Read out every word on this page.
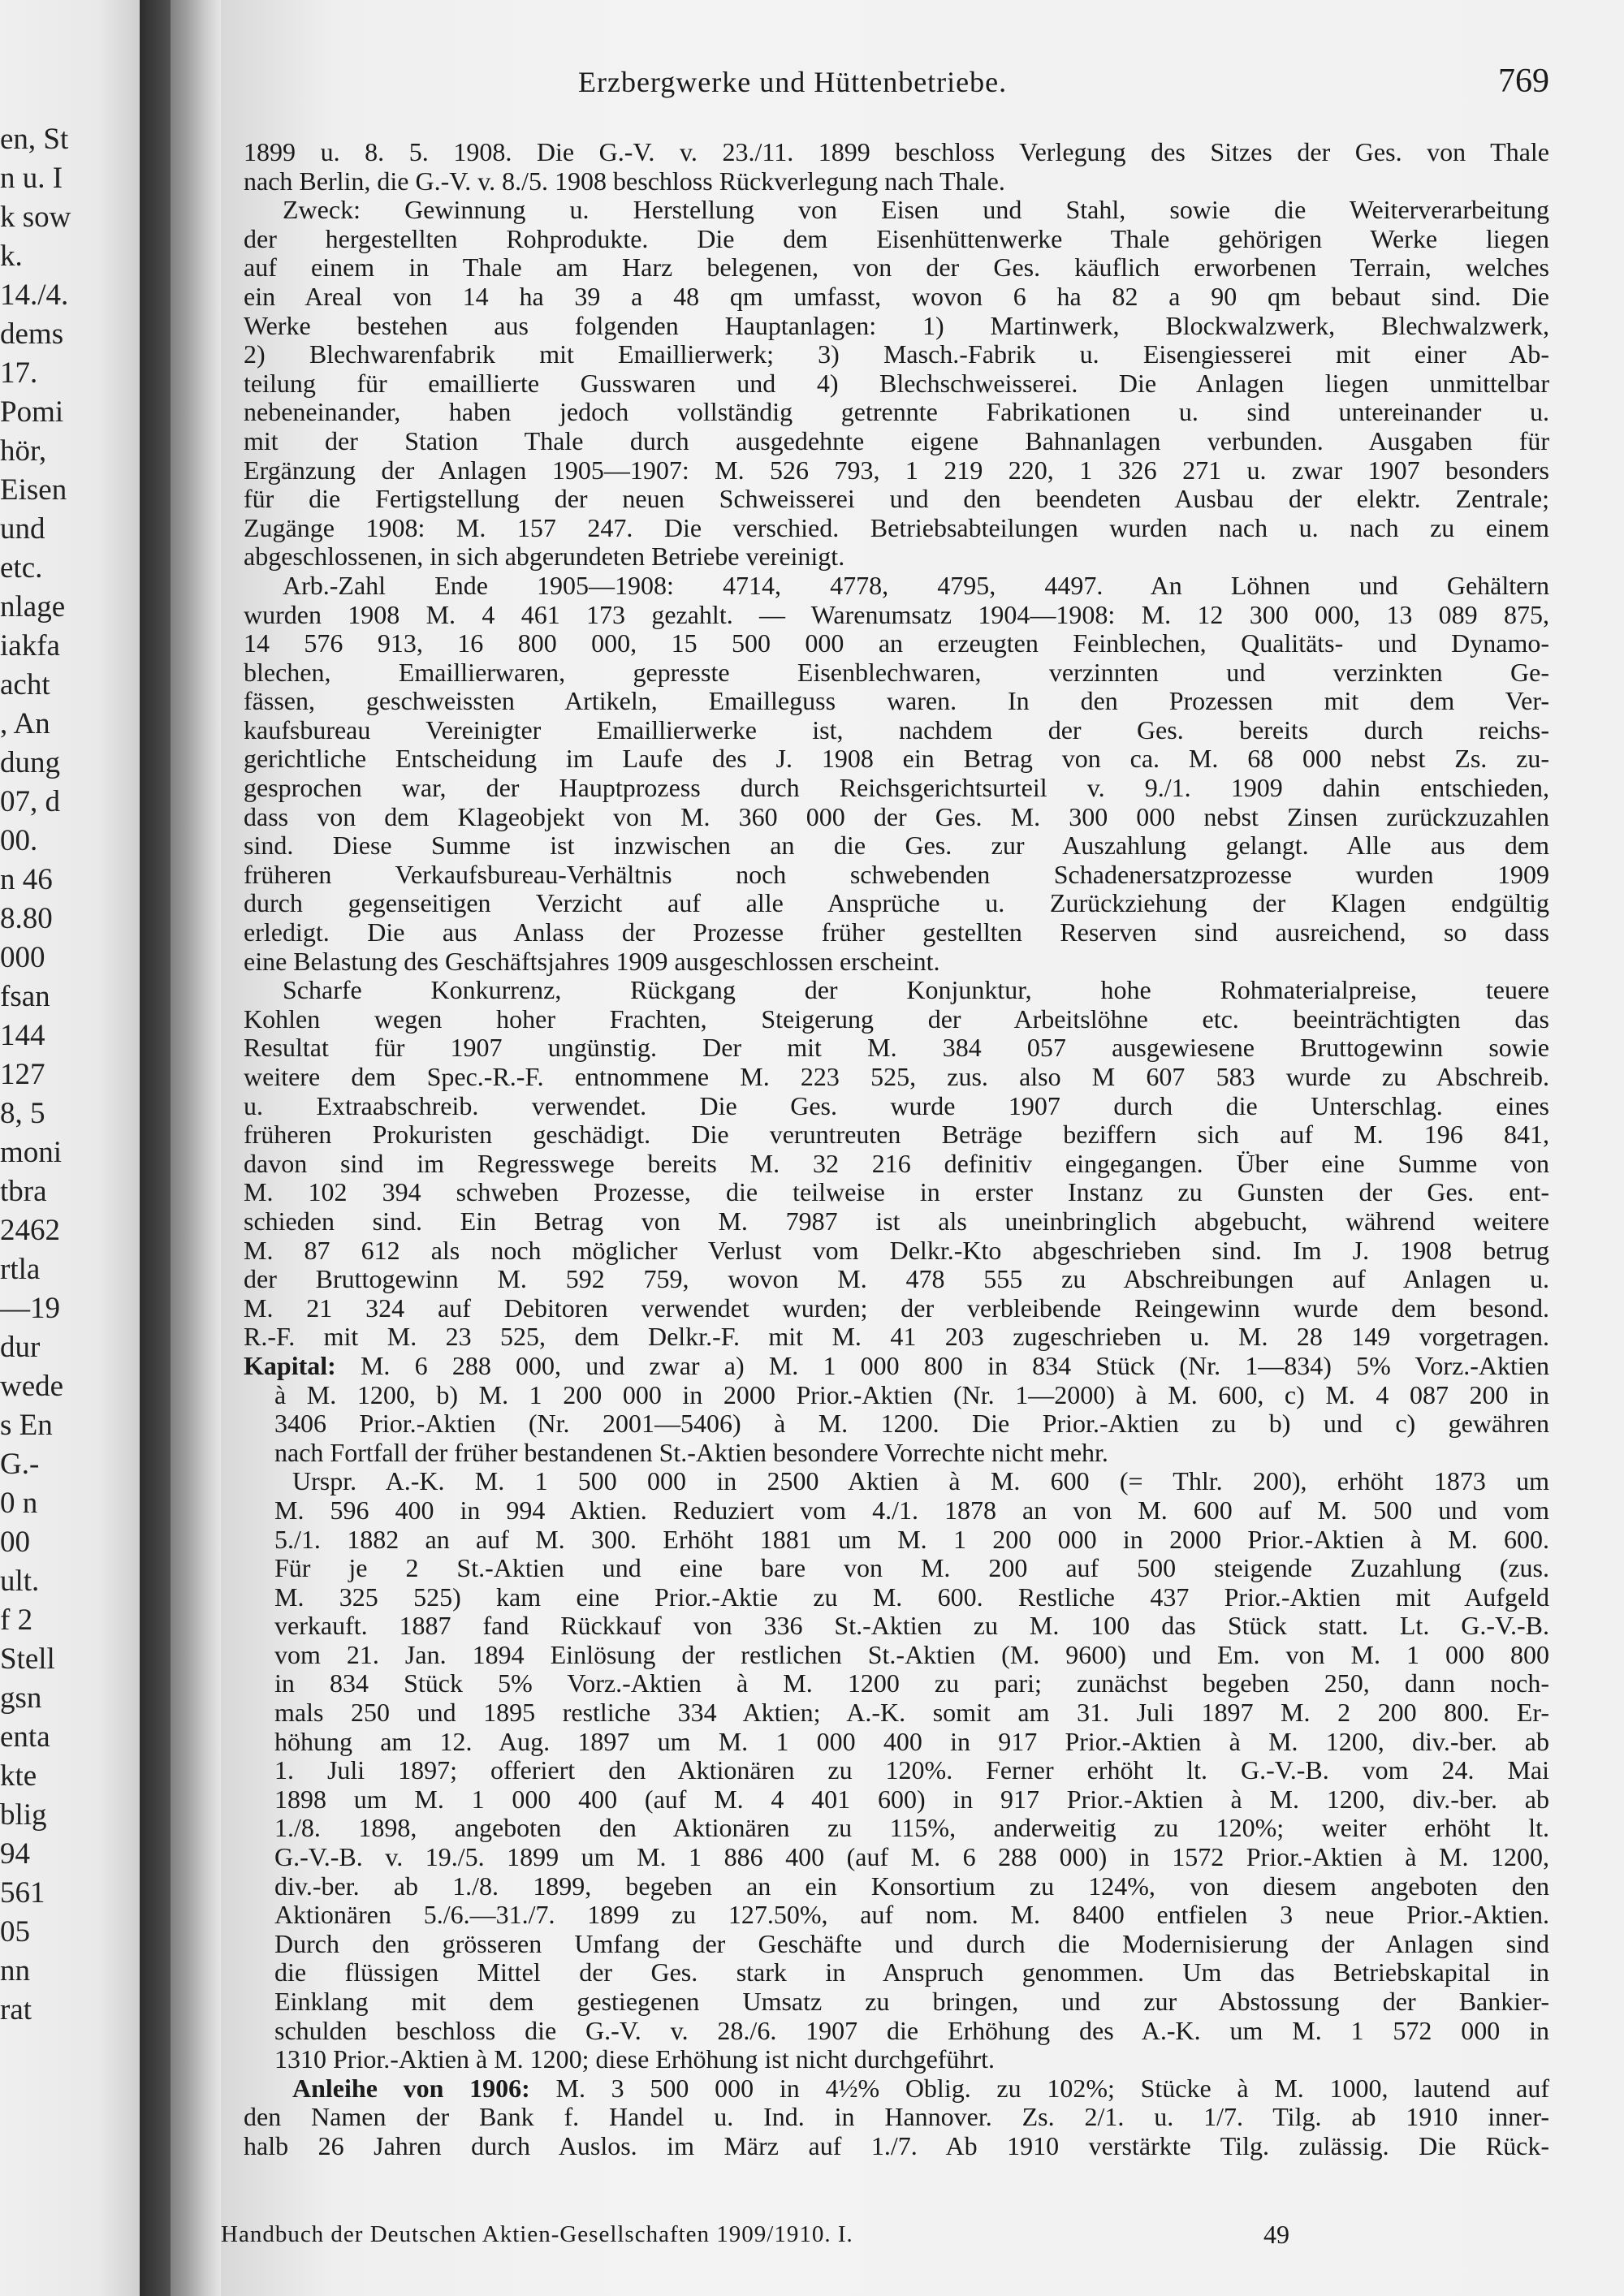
en, St
n u. I
k sow
k.
14./4.
dems
17.
Pomi
hör,
Eisen
und
etc.
nlage
iakfa
acht
, An
dung
07, d
00.
n 46
8.80
000
fsan
144
127
8, 5
moni
tbra
2462
rtla
—19
dur
wede
s En
G.-
0 n
00
ult.
f 2
Stell
gsn
enta
kte
blig
94
561
05
nn
rat
Erzbergwerke und Hüttenbetriebe.	769
1899 u. 8. 5. 1908. Die G.-V. v. 23./11. 1899 beschloss Verlegung des Sitzes der Ges. von Thale
nach Berlin, die G.-V. v. 8./5. 1908 beschloss Rückverlegung nach Thale.
Zweck: Gewinnung u. Herstellung von Eisen und Stahl, sowie die Weiterverarbeitung
der hergestellten Rohprodukte. Die dem Eisenhüttenwerke Thale gehörigen Werke liegen
auf einem in Thale am Harz belegenen, von der Ges. käuflich erworbenen Terrain, welches
ein Areal von 14 ha 39 a 48 qm umfasst, wovon 6 ha 82 a 90 qm bebaut sind. Die
Werke bestehen aus folgenden Hauptanlagen: 1) Martinwerk, Blockwalzwerk, Blechwalzwerk,
2) Blechwarenfabrik mit Emaillierwerk; 3) Masch.-Fabrik u. Eisengiesserei mit einer Ab-
teilung für emaillierte Gusswaren und 4) Blechschweisserei. Die Anlagen liegen unmittelbar
nebeneinander, haben jedoch vollständig getrennte Fabrikationen u. sind untereinander u.
mit der Station Thale durch ausgedehnte eigene Bahnanlagen verbunden. Ausgaben für
Ergänzung der Anlagen 1905—1907: M. 526 793, 1 219 220, 1 326 271 u. zwar 1907 besonders
für die Fertigstellung der neuen Schweisserei und den beendeten Ausbau der elektr. Zentrale;
Zugänge 1908: M. 157 247. Die verschied. Betriebsabteilungen wurden nach u. nach zu einem
abgeschlossenen, in sich abgerundeten Betriebe vereinigt.
Arb.-Zahl Ende 1905—1908: 4714, 4778, 4795, 4497. An Löhnen und Gehältern
wurden 1908 M. 4 461 173 gezahlt. — Warenumsatz 1904—1908: M. 12 300 000, 13 089 875,
14 576 913, 16 800 000, 15 500 000 an erzeugten Feinblechen, Qualitäts- und Dynamo-
blechen, Emaillierwaren, gepresste Eisenblechwaren, verzinnten und verzinkten Ge-
fässen, geschweissten Artikeln, Emailleguss waren. In den Prozessen mit dem Ver-
kaufsbureau Vereinigter Emaillierwerke ist, nachdem der Ges. bereits durch reichs-
gerichtliche Entscheidung im Laufe des J. 1908 ein Betrag von ca. M. 68 000 nebst Zs. zu-
gesprochen war, der Hauptprozess durch Reichsgerichtsurteil v. 9./1. 1909 dahin entschieden,
dass von dem Klageobjekt von M. 360 000 der Ges. M. 300 000 nebst Zinsen zurückzuzahlen
sind. Diese Summe ist inzwischen an die Ges. zur Auszahlung gelangt. Alle aus dem
früheren Verkaufsbureau-Verhältnis noch schwebenden Schadenersatzprozesse wurden 1909
durch gegenseitigen Verzicht auf alle Ansprüche u. Zurückziehung der Klagen endgültig
erledigt. Die aus Anlass der Prozesse früher gestellten Reserven sind ausreichend, so dass
eine Belastung des Geschäftsjahres 1909 ausgeschlossen erscheint.
Scharfe Konkurrenz, Rückgang der Konjunktur, hohe Rohmaterialpreise, teuere
Kohlen wegen hoher Frachten, Steigerung der Arbeitslöhne etc. beeinträchtigten das
Resultat für 1907 ungünstig. Der mit M. 384 057 ausgewiesene Bruttogewinn sowie
weitere dem Spec.-R.-F. entnommene M. 223 525, zus. also M 607 583 wurde zu Abschreib.
u. Extraabschreib. verwendet. Die Ges. wurde 1907 durch die Unterschlag. eines
früheren Prokuristen geschädigt. Die veruntreuten Beträge beziffern sich auf M. 196 841,
davon sind im Regresswege bereits M. 32 216 definitiv eingegangen. Über eine Summe von
M. 102 394 schweben Prozesse, die teilweise in erster Instanz zu Gunsten der Ges. ent-
schieden sind. Ein Betrag von M. 7987 ist als uneinbringlich abgebucht, während weitere
M. 87 612 als noch möglicher Verlust vom Delkr.-Kto abgeschrieben sind. Im J. 1908 betrug
der Bruttogewinn M. 592 759, wovon M. 478 555 zu Abschreibungen auf Anlagen u.
M. 21 324 auf Debitoren verwendet wurden; der verbleibende Reingewinn wurde dem besond.
R.-F. mit M. 23 525, dem Delkr.-F. mit M. 41 203 zugeschrieben u. M. 28 149 vorgetragen.
Kapital: M. 6 288 000, und zwar a) M. 1 000 800 in 834 Stück (Nr. 1—834) 5% Vorz.-Aktien
à M. 1200, b) M. 1 200 000 in 2000 Prior.-Aktien (Nr. 1—2000) à M. 600, c) M. 4 087 200 in
3406 Prior.-Aktien (Nr. 2001—5406) à M. 1200. Die Prior.-Aktien zu b) und c) gewähren
nach Fortfall der früher bestandenen St.-Aktien besondere Vorrechte nicht mehr.
Urspr. A.-K. M. 1 500 000 in 2500 Aktien à M. 600 (= Thlr. 200), erhöht 1873 um
M. 596 400 in 994 Aktien. Reduziert vom 4./1. 1878 an von M. 600 auf M. 500 und vom
5./1. 1882 an auf M. 300. Erhöht 1881 um M. 1 200 000 in 2000 Prior.-Aktien à M. 600.
Für je 2 St.-Aktien und eine bare von M. 200 auf 500 steigende Zuzahlung (zus.
M. 325 525) kam eine Prior.-Aktie zu M. 600. Restliche 437 Prior.-Aktien mit Aufgeld
verkauft. 1887 fand Rückkauf von 336 St.-Aktien zu M. 100 das Stück statt. Lt. G.-V.-B.
vom 21. Jan. 1894 Einlösung der restlichen St.-Aktien (M. 9600) und Em. von M. 1 000 800
in 834 Stück 5% Vorz.-Aktien à M. 1200 zu pari; zunächst begeben 250, dann noch-
mals 250 und 1895 restliche 334 Aktien; A.-K. somit am 31. Juli 1897 M. 2 200 800. Er-
höhung am 12. Aug. 1897 um M. 1 000 400 in 917 Prior.-Aktien à M. 1200, div.-ber. ab
1. Juli 1897; offeriert den Aktionären zu 120%. Ferner erhöht lt. G.-V.-B. vom 24. Mai
1898 um M. 1 000 400 (auf M. 4 401 600) in 917 Prior.-Aktien à M. 1200, div.-ber. ab
1./8. 1898, angeboten den Aktionären zu 115%, anderweitig zu 120%; weiter erhöht lt.
G.-V.-B. v. 19./5. 1899 um M. 1 886 400 (auf M. 6 288 000) in 1572 Prior.-Aktien à M. 1200,
div.-ber. ab 1./8. 1899, begeben an ein Konsortium zu 124%, von diesem angeboten den
Aktionären 5./6.—31./7. 1899 zu 127.50%, auf nom. M. 8400 entfielen 3 neue Prior.-Aktien.
Durch den grösseren Umfang der Geschäfte und durch die Modernisierung der Anlagen sind
die flüssigen Mittel der Ges. stark in Anspruch genommen. Um das Betriebskapital in
Einklang mit dem gestiegenen Umsatz zu bringen, und zur Abstossung der Bankier-
schulden beschloss die G.-V. v. 28./6. 1907 die Erhöhung des A.-K. um M. 1 572 000 in
1310 Prior.-Aktien à M. 1200; diese Erhöhung ist nicht durchgeführt.
Anleihe von 1906: M. 3 500 000 in 4½% Oblig. zu 102%; Stücke à M. 1000, lautend auf
den Namen der Bank f. Handel u. Ind. in Hannover. Zs. 2/1. u. 1/7. Tilg. ab 1910 inner-
halb 26 Jahren durch Auslos. im März auf 1./7. Ab 1910 verstärkte Tilg. zulässig. Die Rück-
Handbuch der Deutschen Aktien-Gesellschaften 1909/1910. I.	49
